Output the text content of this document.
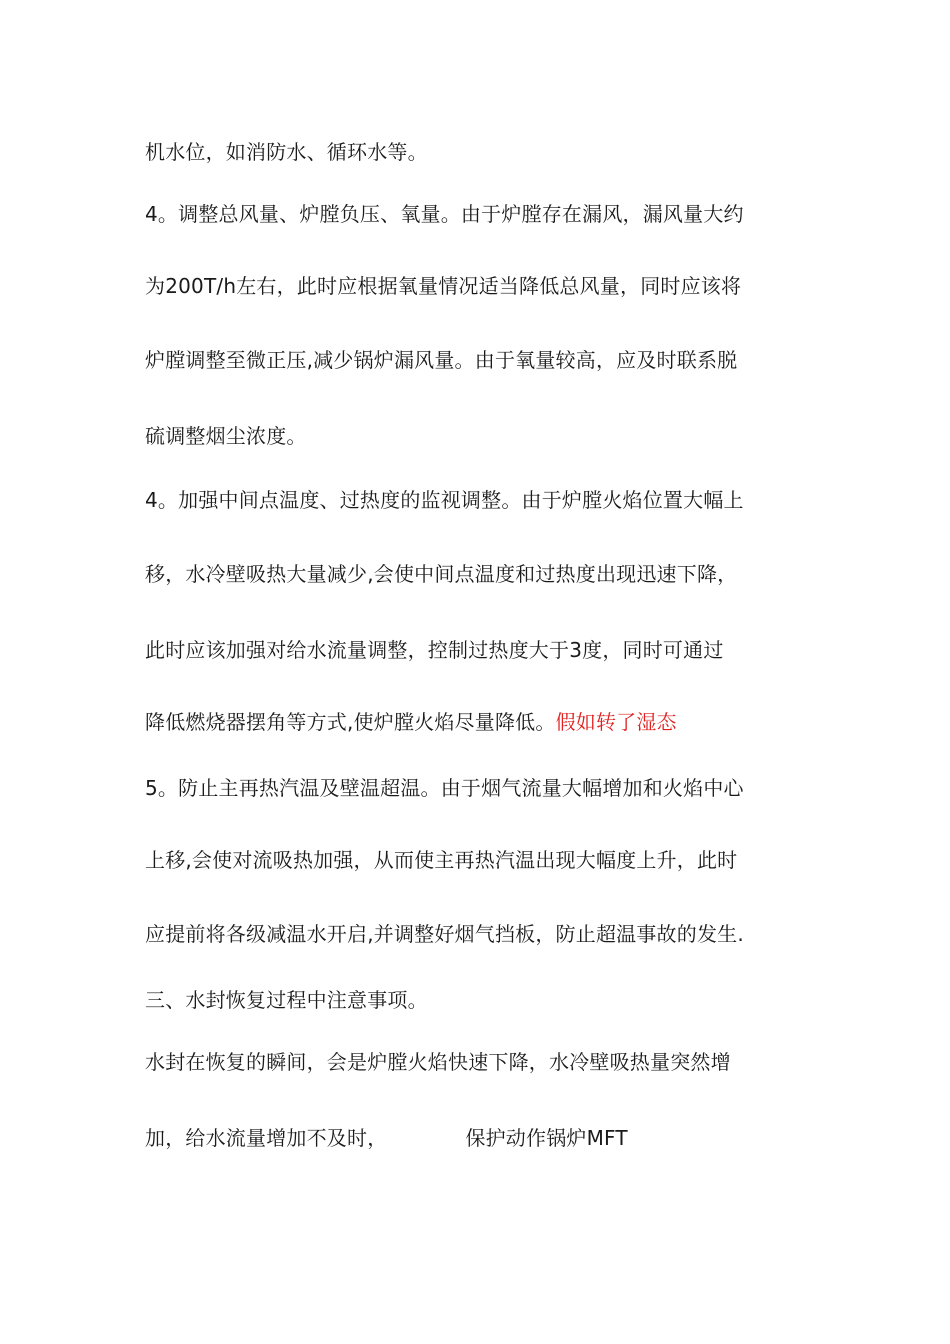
机水位，如消防水、循环水等。
4。调整总风量、炉膛负压、氧量。由于炉膛存在漏风，漏风量大约
为200T/h左右，此时应根据氧量情况适当降低总风量，同时应该将
炉膛调整至微正压,减少锅炉漏风量。由于氧量较高，应及时联系脱
硫调整烟尘浓度。
4。加强中间点温度、过热度的监视调整。由于炉膛火焰位置大幅上
移，水冷壁吸热大量减少,会使中间点温度和过热度出现迅速下降，
此时应该加强对给水流量调整，控制过热度大于3度，同时可通过
降低燃烧器摆角等方式,使炉膛火焰尽量降低。假如转了湿态
5。防止主再热汽温及壁温超温。由于烟气流量大幅增加和火焰中心
上移,会使对流吸热加强，从而使主再热汽温出现大幅度上升，此时
应提前将各级减温水开启,并调整好烟气挡板，防止超温事故的发生.
三、水封恢复过程中注意事项。
水封在恢复的瞬间，会是炉膛火焰快速下降，水冷壁吸热量突然增
加，给水流量增加不及时，	保护动作锅炉MFT
